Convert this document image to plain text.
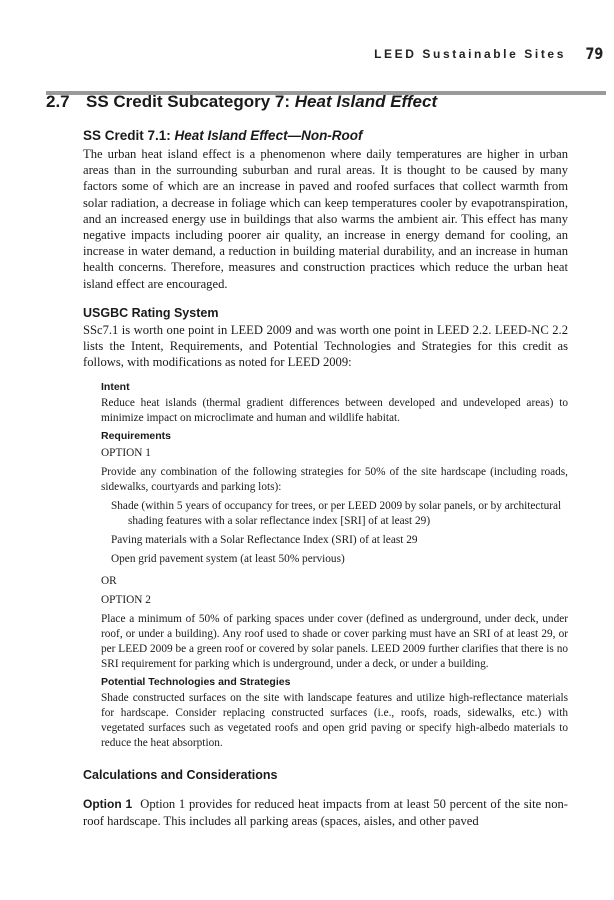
LEED Sustainable Sites 79
2.7 SS Credit Subcategory 7: Heat Island Effect
SS Credit 7.1: Heat Island Effect—Non-Roof

The urban heat island effect is a phenomenon where daily temperatures are higher in urban areas than in the surrounding suburban and rural areas. It is thought to be caused by many factors some of which are an increase in paved and roofed surfaces that collect warmth from solar radiation, a decrease in foliage which can keep temperatures cooler by evapotranspiration, and an increased energy use in buildings that also warms the ambient air. This effect has many negative impacts including poorer air quality, an increase in energy demand for cooling, an increase in water demand, a reduction in building material durability, and an increase in human health concerns. Therefore, measures and construction practices which reduce the urban heat island effect are encouraged.

USGBC Rating System

SSc7.1 is worth one point in LEED 2009 and was worth one point in LEED 2.2. LEED-NC 2.2 lists the Intent, Requirements, and Potential Technologies and Strategies for this credit as follows, with modifications as noted for LEED 2009:

Intent

Reduce heat islands (thermal gradient differences between developed and undeveloped areas) to minimize impact on microclimate and human and wildlife habitat.

Requirements

OPTION 1

Provide any combination of the following strategies for 50% of the site hardscape (including roads, sidewalks, courtyards and parking lots):

Shade (within 5 years of occupancy for trees, or per LEED 2009 by solar panels, or by architectural shading features with a solar reflectance index [SRI] of at least 29)

Paving materials with a Solar Reflectance Index (SRI) of at least 29

Open grid pavement system (at least 50% pervious)

OR

OPTION 2

Place a minimum of 50% of parking spaces under cover (defined as underground, under deck, under roof, or under a building). Any roof used to shade or cover parking must have an SRI of at least 29, or per LEED 2009 be a green roof or covered by solar panels. LEED 2009 further clarifies that there is no SRI requirement for parking which is underground, under a deck, or under a building.

Potential Technologies and Strategies

Shade constructed surfaces on the site with landscape features and utilize high-reflectance materials for hardscape. Consider replacing constructed surfaces (i.e., roofs, roads, sidewalks, etc.) with vegetated surfaces such as vegetated roofs and open grid paving or specify high-albedo materials to reduce the heat absorption.

Calculations and Considerations

Option 1 Option 1 provides for reduced heat impacts from at least 50 percent of the site non-roof hardscape. This includes all parking areas (spaces, aisles, and other paved
